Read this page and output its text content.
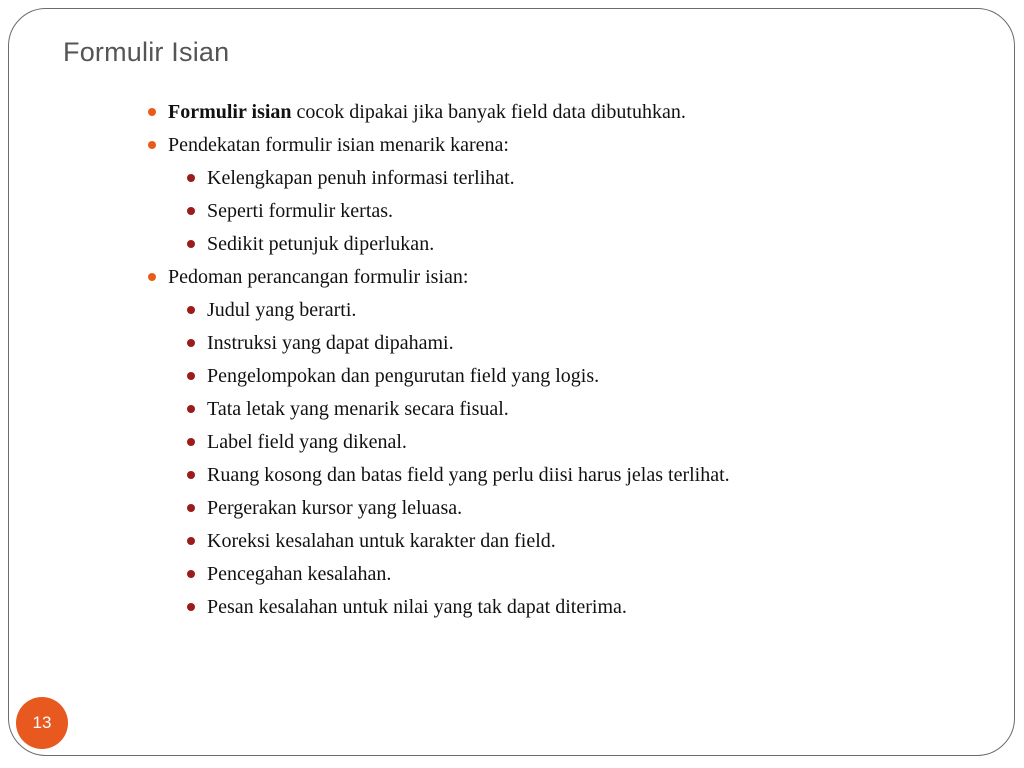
Formulir Isian
Formulir isian cocok dipakai jika banyak field data dibutuhkan.
Pendekatan formulir isian menarik karena:
Kelengkapan penuh informasi terlihat.
Seperti formulir kertas.
Sedikit petunjuk diperlukan.
Pedoman perancangan formulir isian:
Judul yang berarti.
Instruksi yang dapat dipahami.
Pengelompokan dan pengurutan field yang logis.
Tata letak yang menarik secara fisual.
Label field yang dikenal.
Ruang kosong dan batas field yang perlu diisi harus jelas terlihat.
Pergerakan kursor yang leluasa.
Koreksi kesalahan untuk karakter dan field.
Pencegahan kesalahan.
Pesan kesalahan untuk nilai yang tak dapat diterima.
13
